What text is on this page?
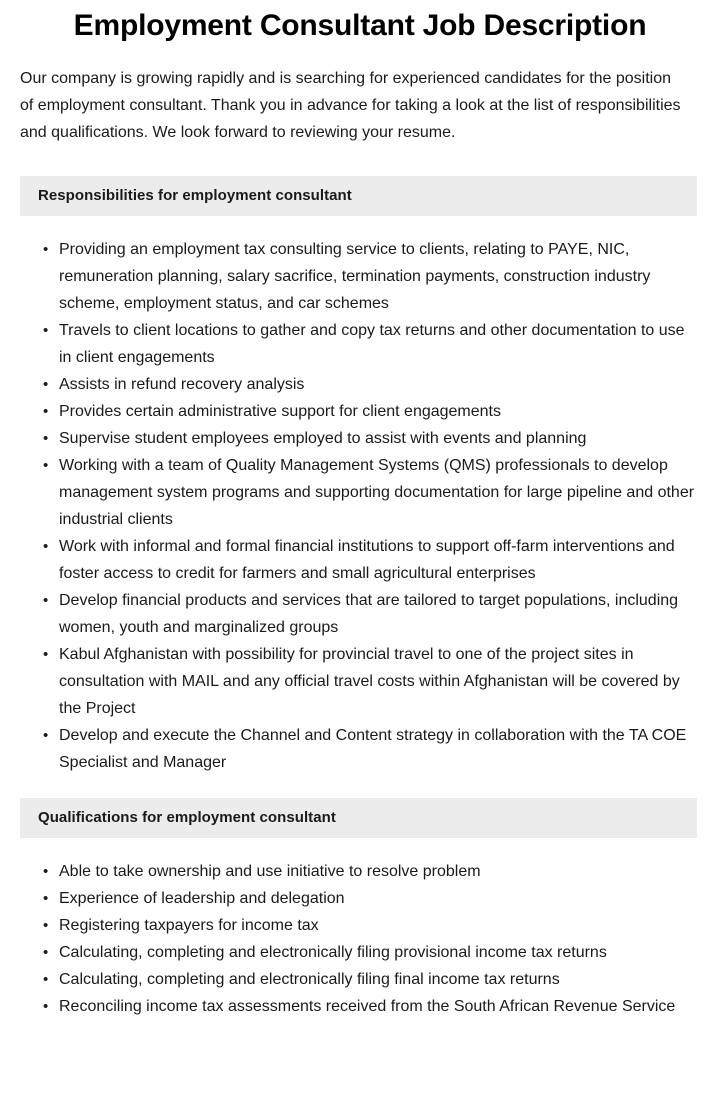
Employment Consultant Job Description

Our company is growing rapidly and is searching for experienced candidates for the position of employment consultant. Thank you in advance for taking a look at the list of responsibilities and qualifications. We look forward to reviewing your resume.

Responsibilities for employment consultant
• Providing an employment tax consulting service to clients, relating to PAYE, NIC, remuneration planning, salary sacrifice, termination payments, construction industry scheme, employment status, and car schemes
• Travels to client locations to gather and copy tax returns and other documentation to use in client engagements
• Assists in refund recovery analysis
• Provides certain administrative support for client engagements
• Supervise student employees employed to assist with events and planning
• Working with a team of Quality Management Systems (QMS) professionals to develop management system programs and supporting documentation for large pipeline and other industrial clients
• Work with informal and formal financial institutions to support off-farm interventions and foster access to credit for farmers and small agricultural enterprises
• Develop financial products and services that are tailored to target populations, including women, youth and marginalized groups
• Kabul Afghanistan with possibility for provincial travel to one of the project sites in consultation with MAIL and any official travel costs within Afghanistan will be covered by the Project
• Develop and execute the Channel and Content strategy in collaboration with the TA COE Specialist and Manager
Qualifications for employment consultant
• Able to take ownership and use initiative to resolve problem
• Experience of leadership and delegation
• Registering taxpayers for income tax
• Calculating, completing and electronically filing provisional income tax returns
• Calculating, completing and electronically filing final income tax returns
• Reconciling income tax assessments received from the South African Revenue Service
